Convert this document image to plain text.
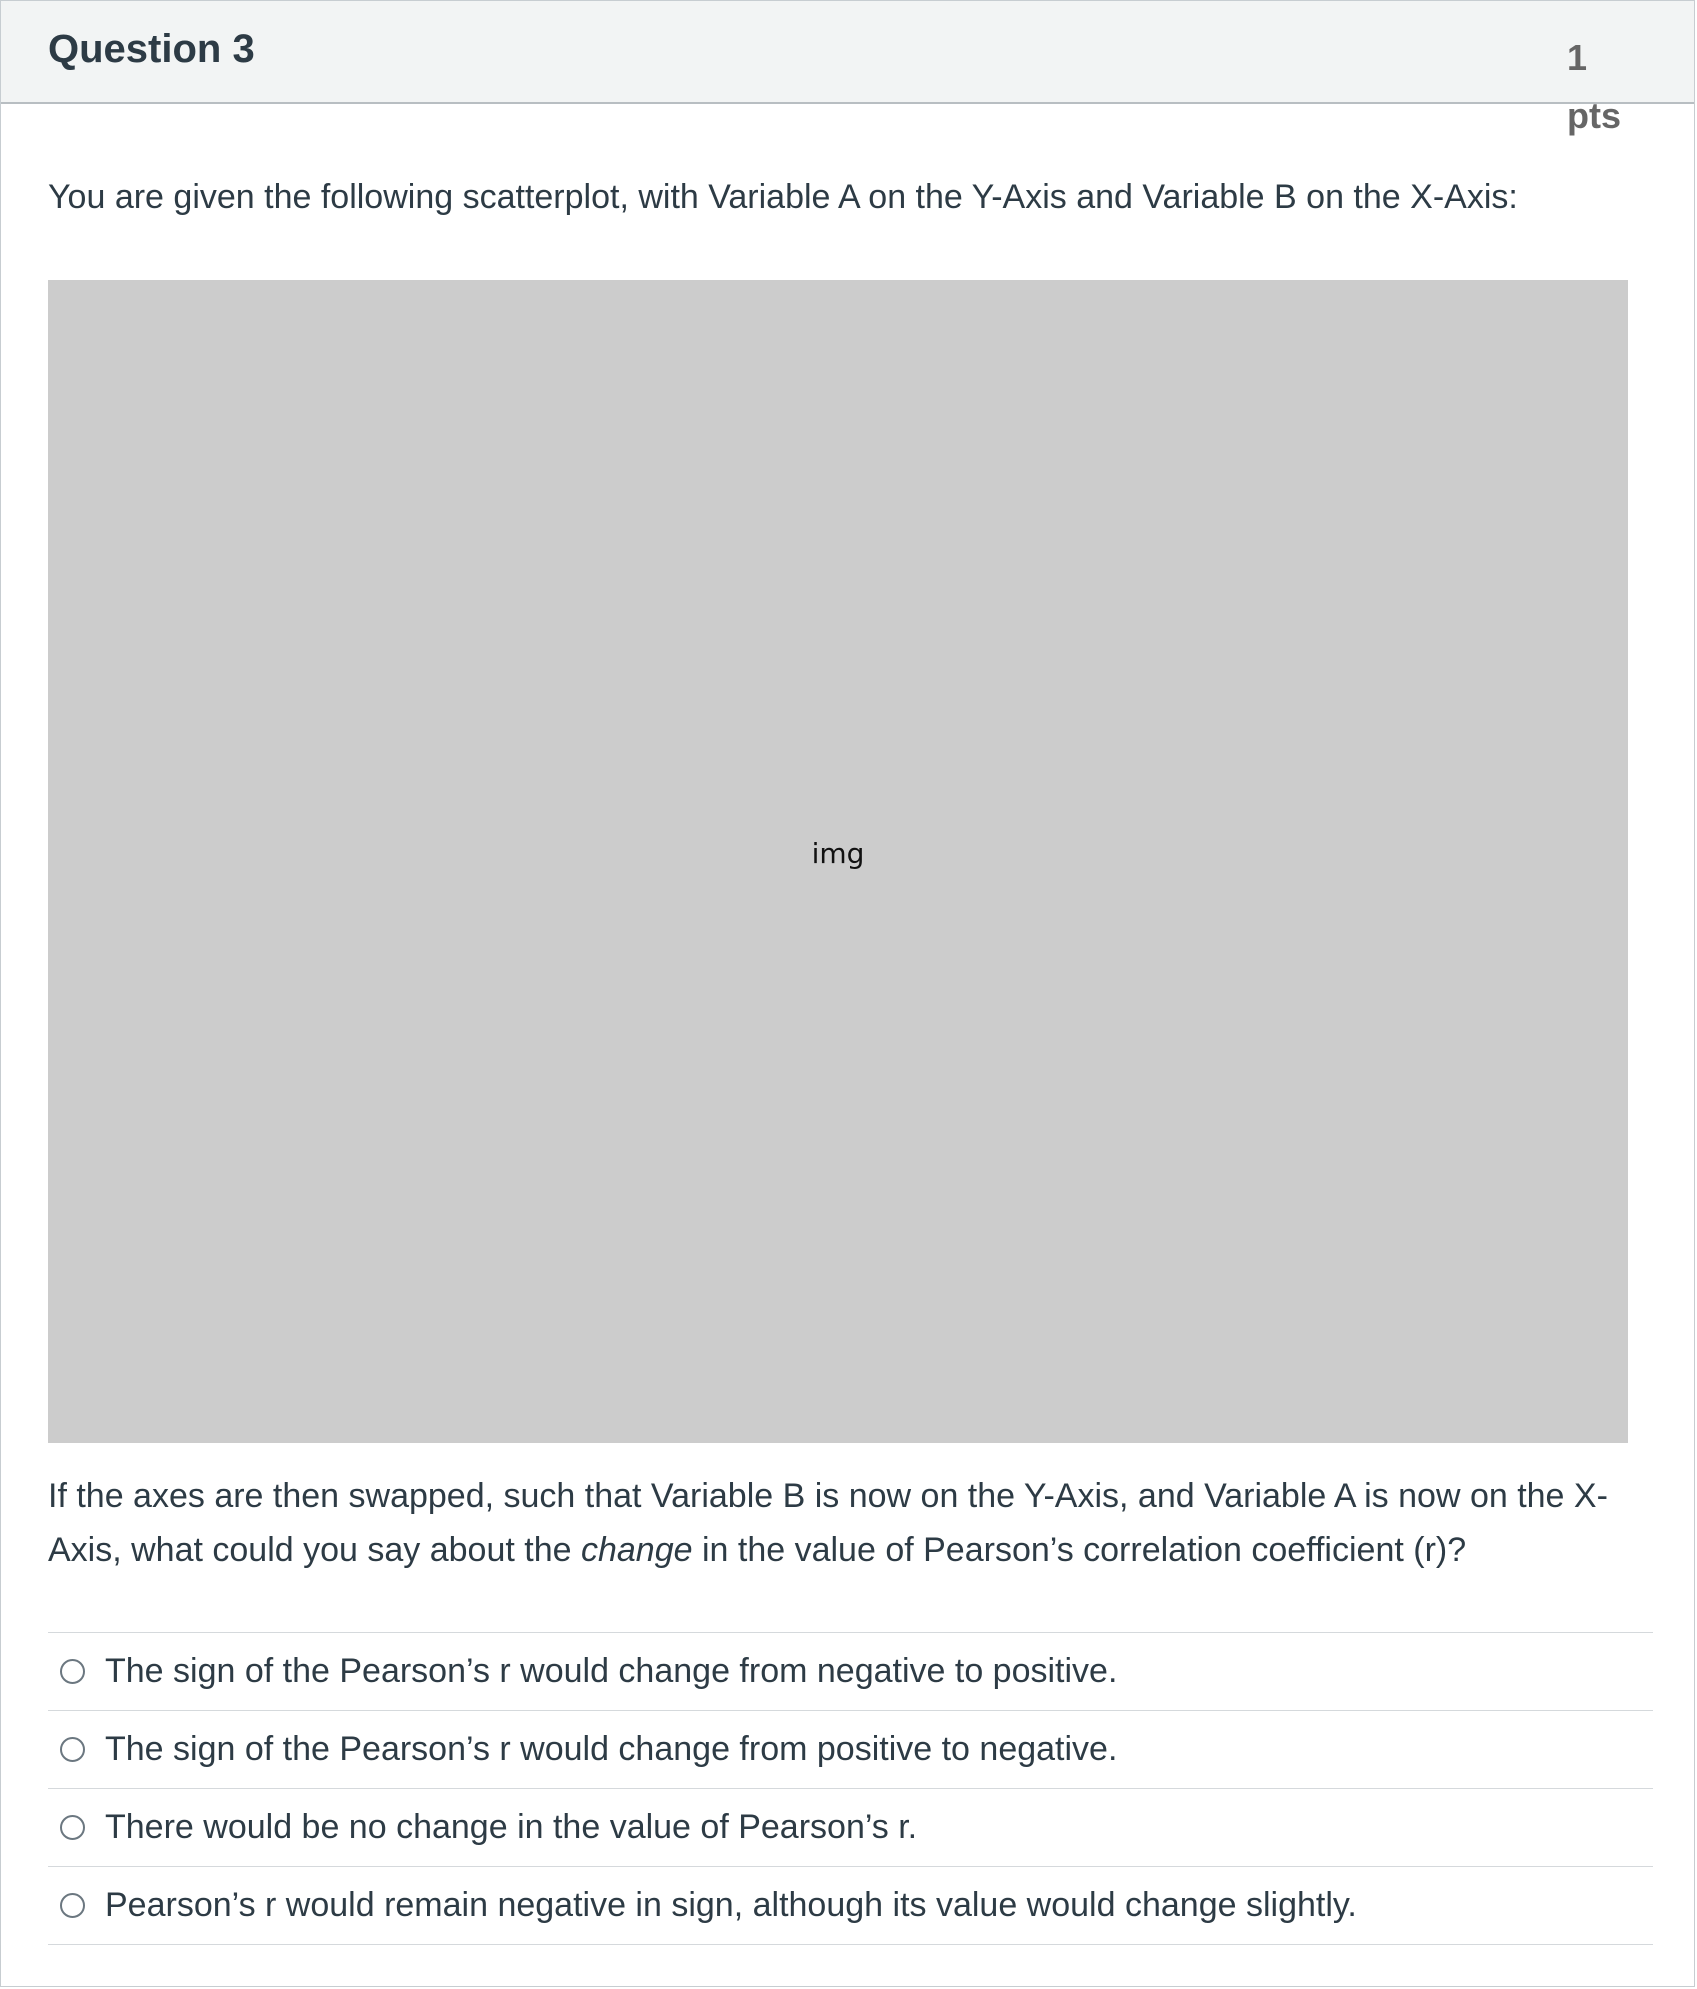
Question 3	1
pts

You are given the following scatterplot, with Variable A on the Y-Axis and Variable B on the X-Axis:

img

If the axes are then swapped, such that Variable B is now on the Y-Axis, and Variable A is now on the X-Axis, what could you say about the change in the value of Pearson’s correlation coefficient (r)?

The sign of the Pearson’s r would change from negative to positive.
The sign of the Pearson’s r would change from positive to negative.
There would be no change in the value of Pearson’s r.
Pearson’s r would remain negative in sign, although its value would change slightly.
